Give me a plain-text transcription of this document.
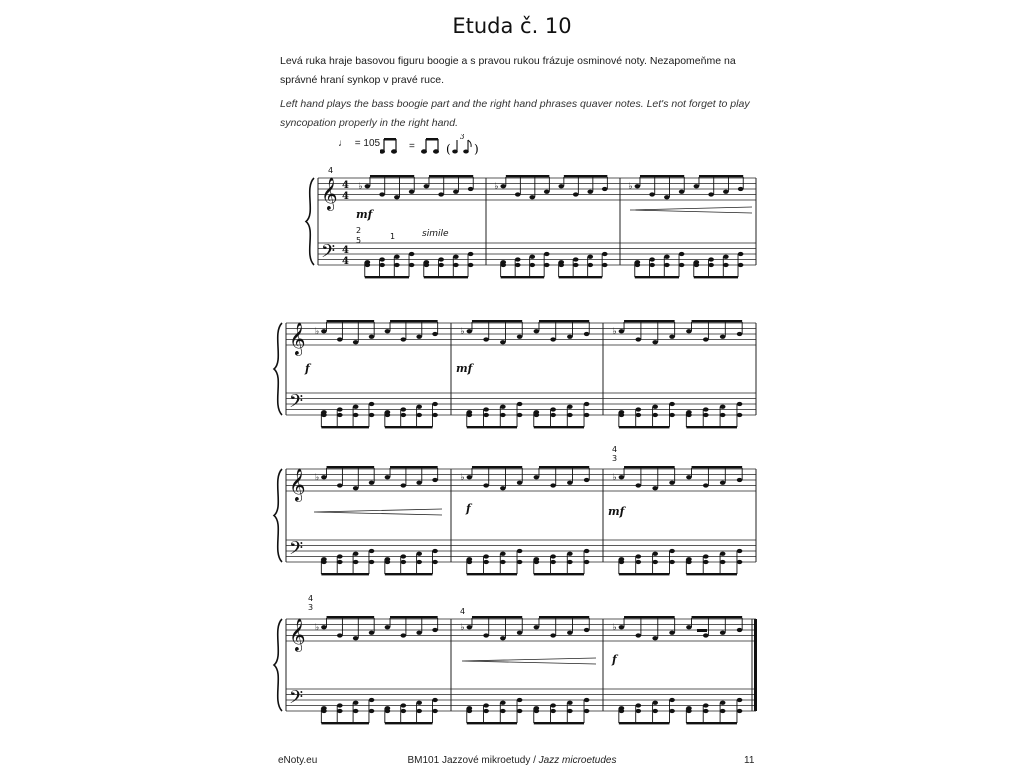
Etuda č. 10
Levá ruka hraje basovou figuru boogie a s pravou rukou frázuje osminové noty. Nezapomeňme na správné hraní synkop v pravé ruce.
Left hand plays the bass boogie part and the right hand phrases quaver notes. Let's not forget to play syncopation properly in the right hand.
♩ = 105	(
3
)
=
𝄞
𝄢
4
4
4
4
♭	♭	♭
𝄞
𝄢
♭	♭	♭
𝄞
𝄢
♭	♭	♭
𝄞
𝄢
♭	♭	♭
mf
f	mf
f	mf
f
simile
4
2
5	1
4
3
4
3	4
eNoty.eu	BM101 Jazzové mikroetudy / Jazz microetudes	11
